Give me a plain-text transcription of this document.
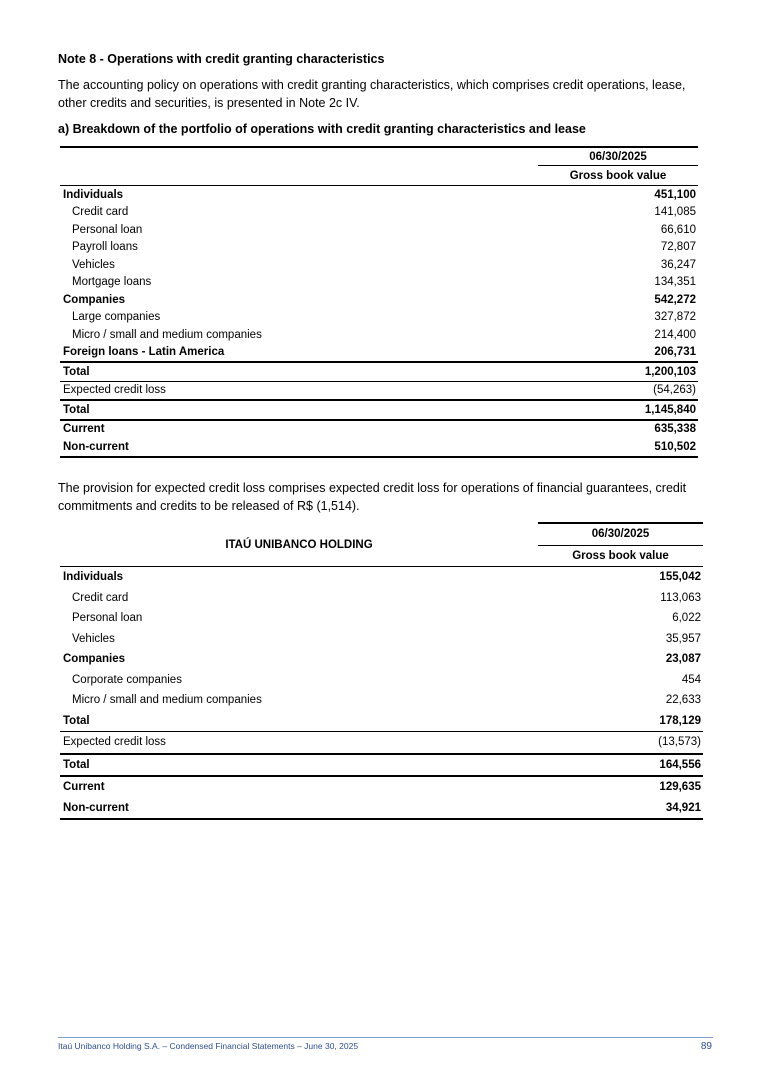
Note 8 - Operations with credit granting characteristics
The accounting policy on operations with credit granting characteristics, which comprises credit operations, lease, other credits and securities, is presented in Note 2c IV.
a) Breakdown of the portfolio of operations with credit granting characteristics and lease
	06/30/2025
	Gross book value
Individuals	451,100
Credit card	141,085
Personal loan	66,610
Payroll loans	72,807
Vehicles	36,247
Mortgage loans	134,351
Companies	542,272
Large companies	327,872
Micro / small and medium companies	214,400
Foreign loans - Latin America	206,731
Total	1,200,103
Expected credit loss	(54,263)
Total	1,145,840
Current	635,338
Non-current	510,502
The provision for expected credit loss comprises expected credit loss for operations of financial guarantees, credit commitments and credits to be released of R$ (1,514).
ITAÚ UNIBANCO HOLDING	06/30/2025
	Gross book value
Individuals	155,042
Credit card	113,063
Personal loan	6,022
Vehicles	35,957
Companies	23,087
Corporate companies	454
Micro / small and medium companies	22,633
Total	178,129
Expected credit loss	(13,573)
Total	164,556
Current	129,635
Non-current	34,921
Itaú Unibanco Holding S.A. – Condensed Financial Statements – June 30, 2025	89
